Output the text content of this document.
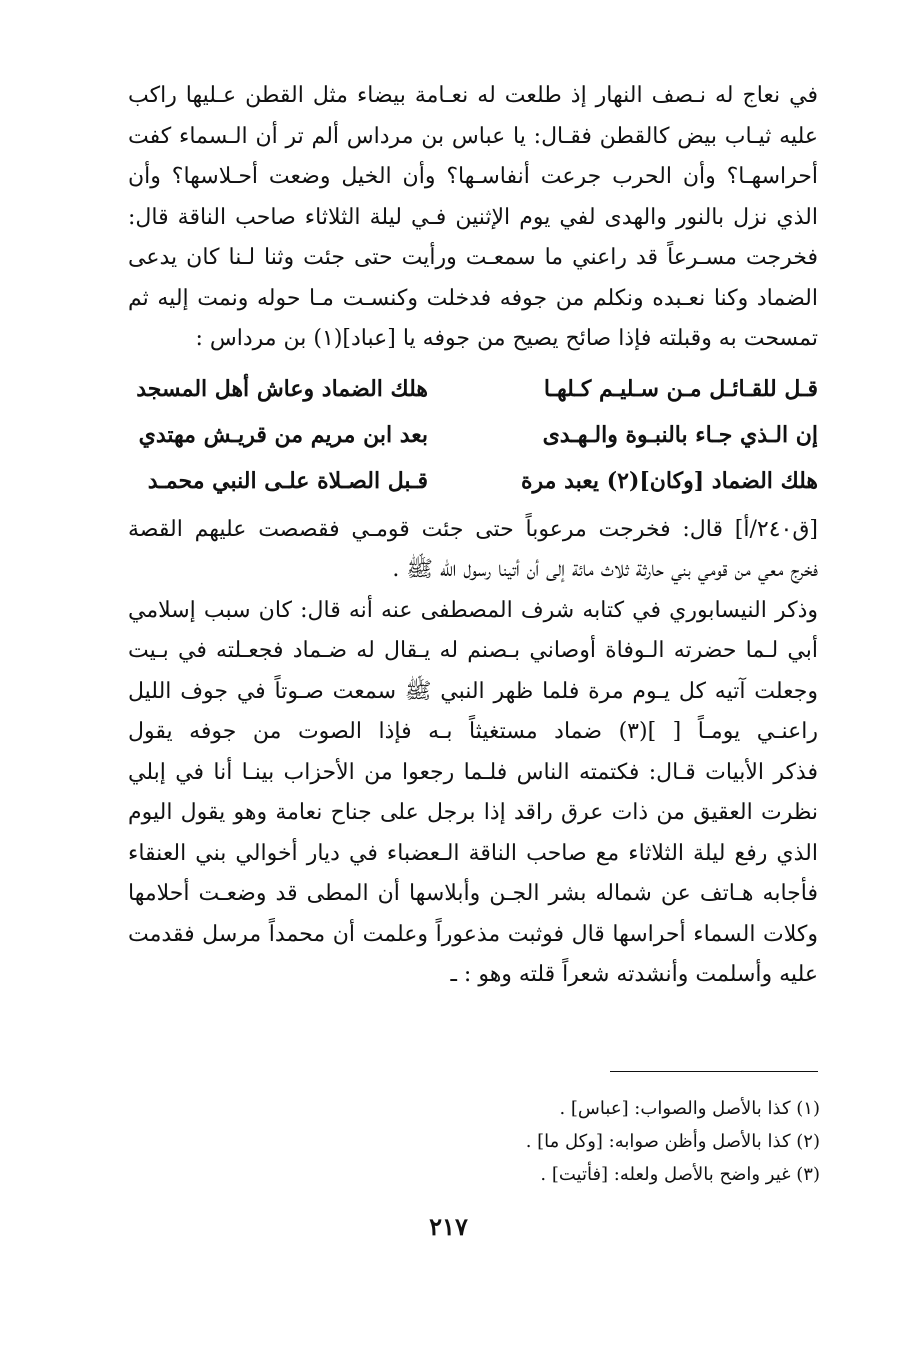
في نعاج له نـصف النهار إذ طلعت له نعـامة بيضاء مثل القطن عـليها راكب
عليه ثيـاب بيض كالقطن فقـال: يا عباس بن مرداس ألم تر أن الـسماء كفت
أحراسهـا؟ وأن الحرب جرعت أنفاسـها؟ وأن الخيل وضعت أحـلاسها؟ وأن
الذي نزل بالنور والهدى لفي يوم الإثنين فـي ليلة الثلاثاء صاحب الناقة قال:
فخرجت مسـرعاً قد راعني ما سمعـت ورأيت حتى جئت وثنا لـنا كان يدعى
الضماد وكنا نعـبده ونكلم من جوفه فدخلت وكنسـت مـا حوله ونمت إليه ثم
تمسحت به وقبلته فإذا صائح يصيح من جوفه يا [عباد](١) بن مرداس :
قـل للقـائـل مـن سـليـم كـلهـا
هلك الضماد وعاش أهل المسجد
إن الـذي جـاء بالنبـوة والـهـدى
بعد ابن مريم من قريـش مهتدي
هلك الضماد [وكان](٢) يعبد مرة
قـبل الصـلاة علـى النبي محمـد
[ق٢٤٠/أ] قال: فخرجت مرعوباً حتى جئت قومـي فقصصت عليهم القصة
فخرج معي من قومي بني حارثة ثلاث مائة إلى أن أتينا رسول الله ﷺ .
وذكر النيسابوري في كتابه شرف المصطفى عنه أنه قال: كان سبب إسلامي
أبي لـما حضرته الـوفاة أوصاني بـصنم له يـقال له ضـماد فجعـلته في بـيت
وجعلت آتيه كل يـوم مرة فلما ظهر النبي ﷺ سمعت صـوتاً في جوف الليل
راعنـي يومـاً [ ](٣) ضماد مستغيثاً بـه فإذا الصوت من جوفه يقول
فذكر الأبيات قـال: فكتمته الناس فلـما رجعوا من الأحزاب بينـا أنا في إبلي
نظرت العقيق من ذات عرق راقد إذا برجل على جناح نعامة وهو يقول اليوم
الذي رفع ليلة الثلاثاء مع صاحب الناقة الـعضباء في ديار أخوالي بني العنقاء
فأجابه هـاتف عن شماله بشر الجـن وأبلاسها أن المطى قد وضعـت أحلامها
وكلات السماء أحراسها قال فوثبت مذعوراً وعلمت أن محمداً مرسل فقدمت
عليه وأسلمت وأنشدته شعراً قلته وهو : ـ
(١) كذا بالأصل والصواب: [عباس] .
(٢) كذا بالأصل وأظن صوابه: [وكل ما] .
(٣) غير واضح بالأصل ولعله: [فأتيت] .
٢١٧
